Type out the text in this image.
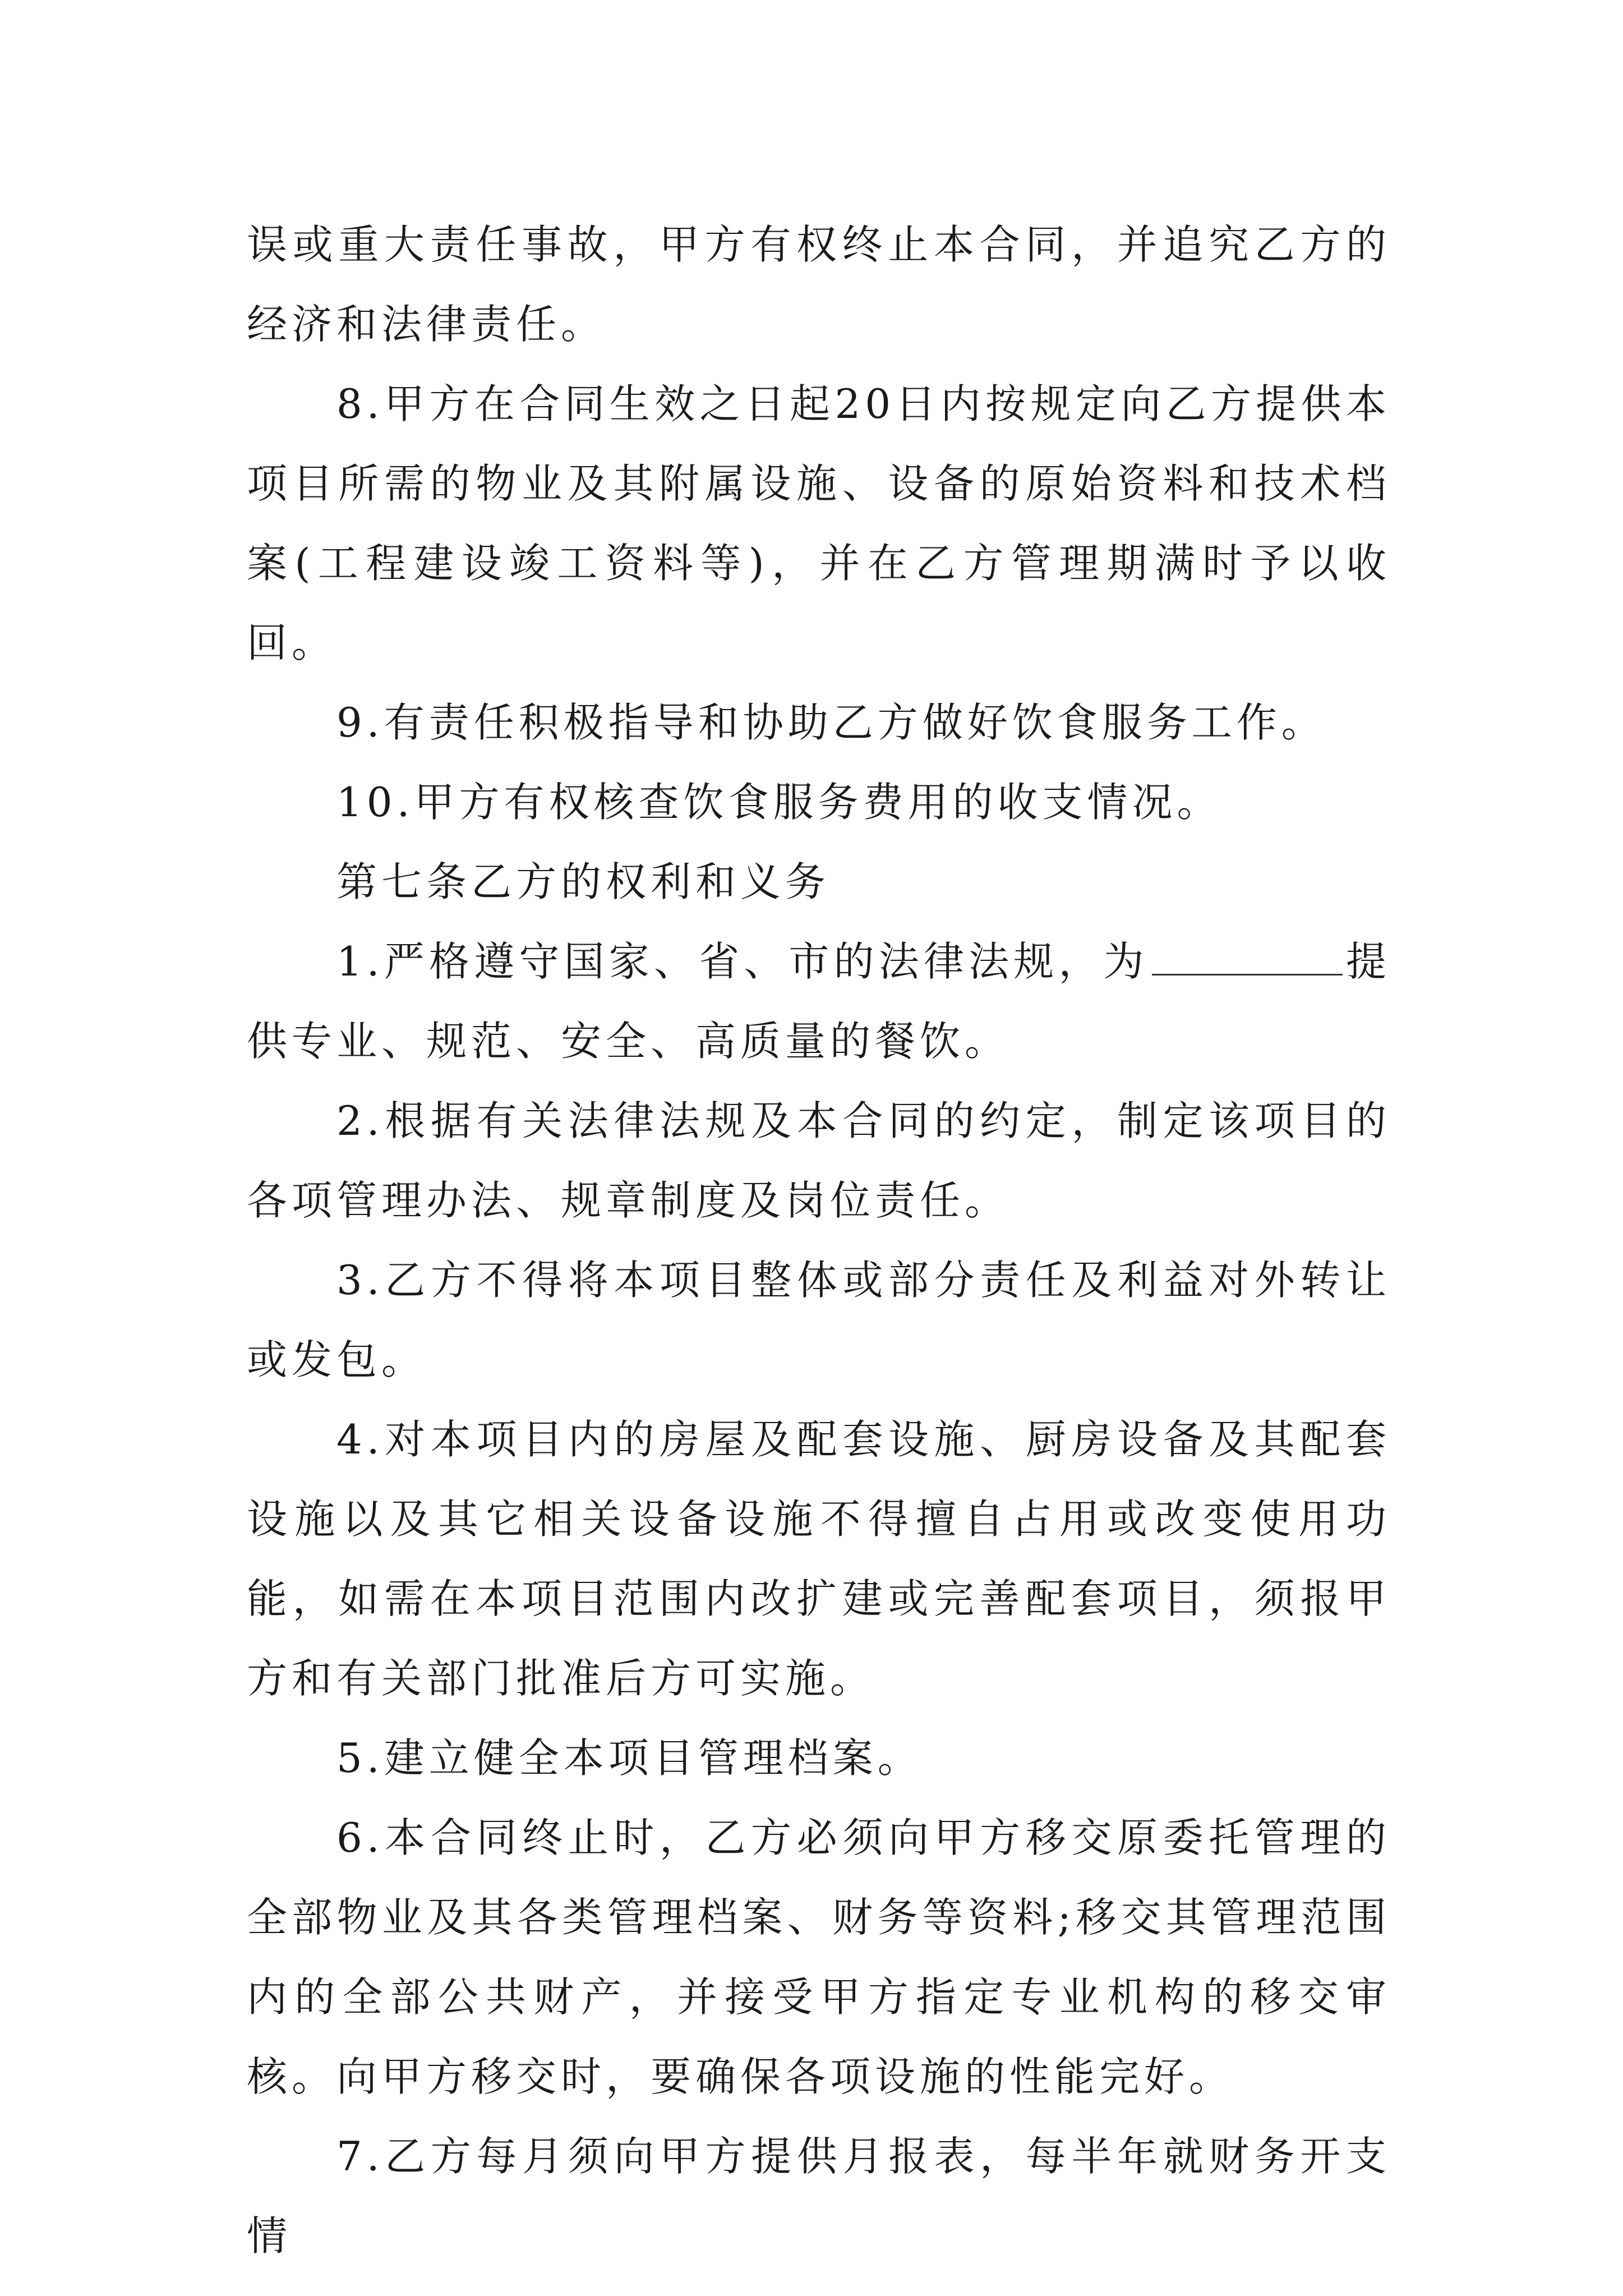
误或重大责任事故，甲方有权终止本合同，并追究乙方的经济和法律责任。

8.甲方在合同生效之日起20日内按规定向乙方提供本项目所需的物业及其附属设施、设备的原始资料和技术档案(工程建设竣工资料等)，并在乙方管理期满时予以收回。

9.有责任积极指导和协助乙方做好饮食服务工作。

10.甲方有权核查饮食服务费用的收支情况。

第七条乙方的权利和义务

1.严格遵守国家、省、市的法律法规，为	提供专业、规范、安全、高质量的餐饮。

2.根据有关法律法规及本合同的约定，制定该项目的各项管理办法、规章制度及岗位责任。

3.乙方不得将本项目整体或部分责任及利益对外转让或发包。

4.对本项目内的房屋及配套设施、厨房设备及其配套设施以及其它相关设备设施不得擅自占用或改变使用功能，如需在本项目范围内改扩建或完善配套项目，须报甲方和有关部门批准后方可实施。

5.建立健全本项目管理档案。

6.本合同终止时，乙方必须向甲方移交原委托管理的全部物业及其各类管理档案、财务等资料;移交其管理范围内的全部公共财产，并接受甲方指定专业机构的移交审核。向甲方移交时，要确保各项设施的性能完好。

7.乙方每月须向甲方提供月报表，每半年就财务开支情
